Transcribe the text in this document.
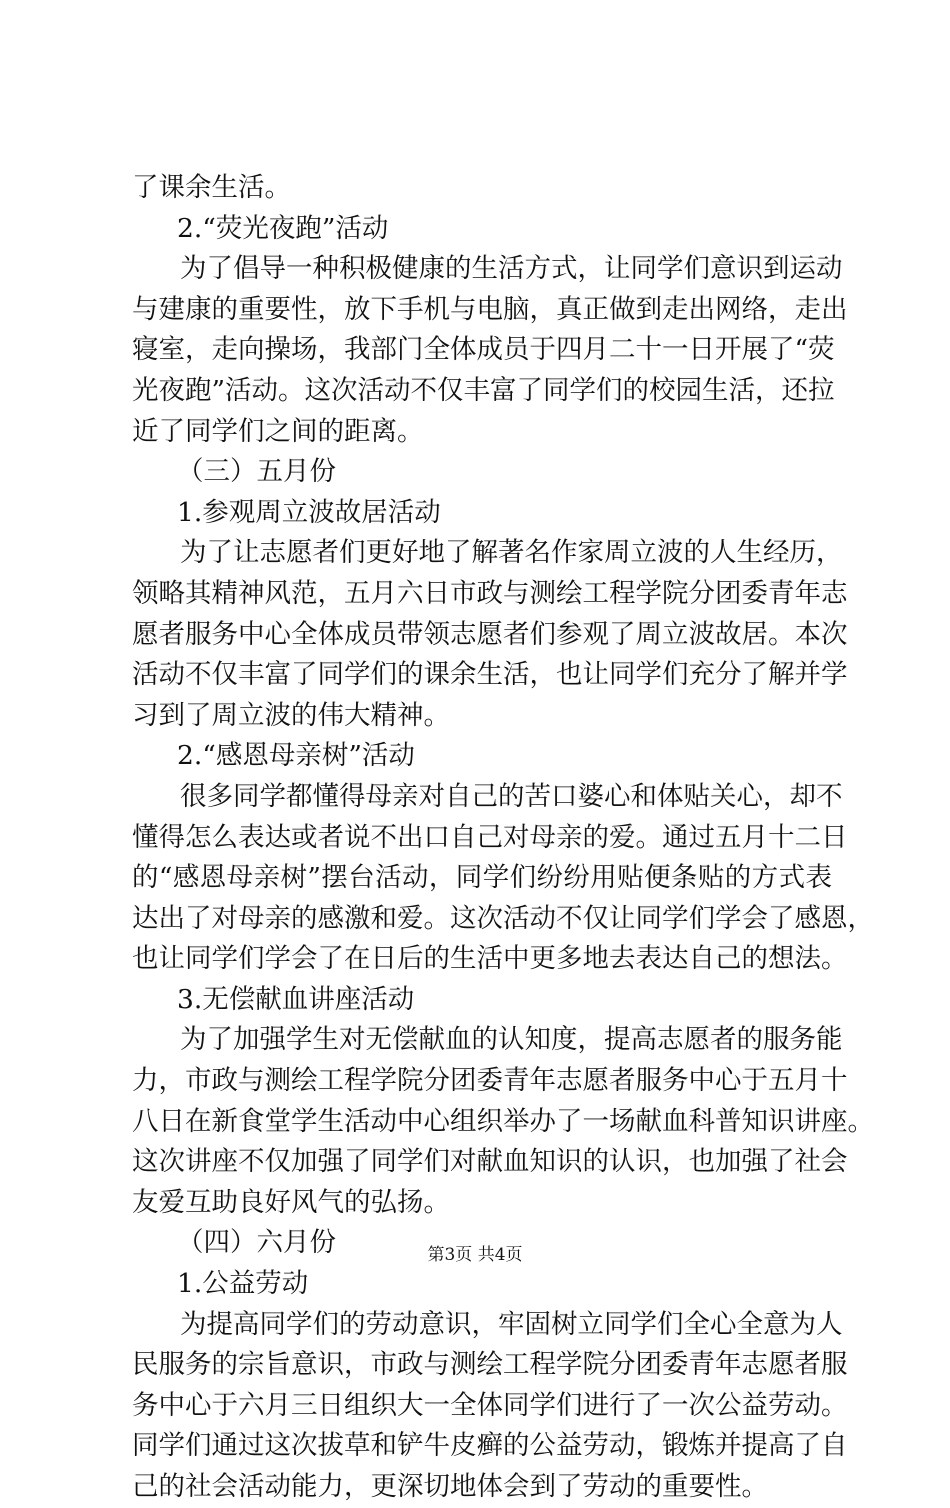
了课余生活。
2.“荧光夜跑”活动
为了倡导一种积极健康的生活方式，让同学们意识到运动
与建康的重要性，放下手机与电脑，真正做到走出网络，走出
寝室，走向操场，我部门全体成员于四月二十一日开展了“荧
光夜跑”活动。这次活动不仅丰富了同学们的校园生活，还拉
近了同学们之间的距离。
（三）五月份
1.参观周立波故居活动
为了让志愿者们更好地了解著名作家周立波的人生经历，
领略其精神风范，五月六日市政与测绘工程学院分团委青年志
愿者服务中心全体成员带领志愿者们参观了周立波故居。本次
活动不仅丰富了同学们的课余生活，也让同学们充分了解并学
习到了周立波的伟大精神。
2.“感恩母亲树”活动
很多同学都懂得母亲对自己的苦口婆心和体贴关心，却不
懂得怎么表达或者说不出口自己对母亲的爱。通过五月十二日
的“感恩母亲树”摆台活动，同学们纷纷用贴便条贴的方式表
达出了对母亲的感激和爱。这次活动不仅让同学们学会了感恩，
也让同学们学会了在日后的生活中更多地去表达自己的想法。
3.无偿献血讲座活动
为了加强学生对无偿献血的认知度，提高志愿者的服务能
力，市政与测绘工程学院分团委青年志愿者服务中心于五月十
八日在新食堂学生活动中心组织举办了一场献血科普知识讲座。
这次讲座不仅加强了同学们对献血知识的认识，也加强了社会
友爱互助良好风气的弘扬。
（四）六月份
1.公益劳动
为提高同学们的劳动意识，牢固树立同学们全心全意为人
民服务的宗旨意识，市政与测绘工程学院分团委青年志愿者服
务中心于六月三日组织大一全体同学们进行了一次公益劳动。
同学们通过这次拔草和铲牛皮癣的公益劳动，锻炼并提高了自
己的社会活动能力，更深切地体会到了劳动的重要性。
第3页 共4页
